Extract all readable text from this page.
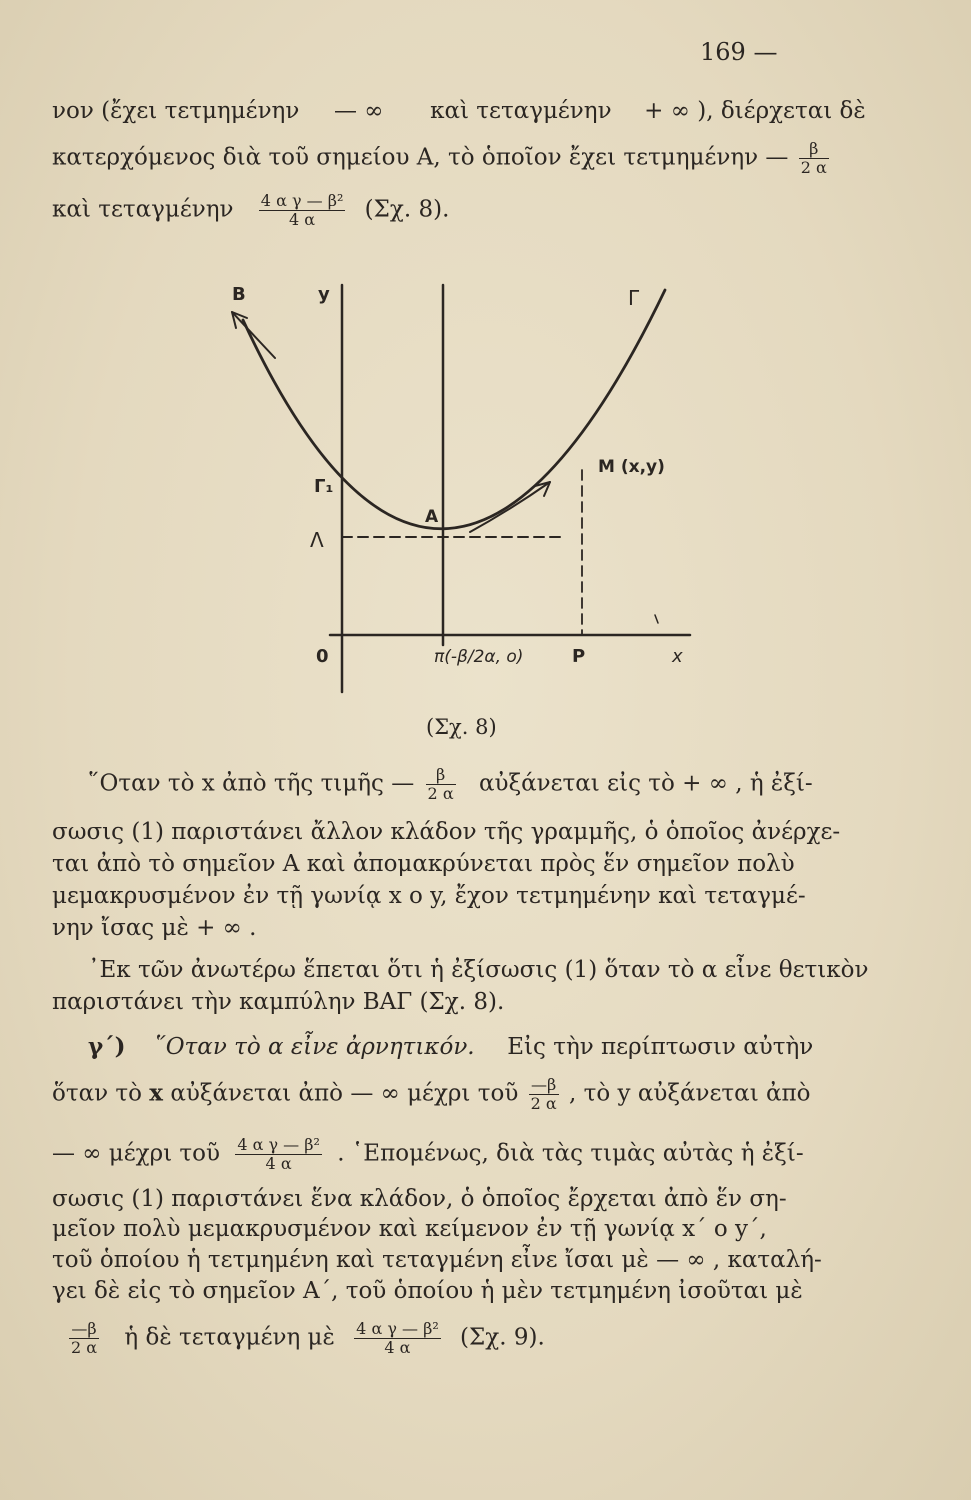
169 —
νον (ἔχει τετμημένην — ∞ καὶ τεταγμένην + ∞ ), διέρχεται δὲ
κατερχόμενος διὰ τοῦ σημείου Α, τὸ ὁποῖον ἔχει τετμημένην — $\frac{\beta}{2 \alpha}$
καὶ τεταγμένην $\frac{\text{4 α γ — β²}}{4 \alpha} (\Sigma\chi$. 8).
Β	y	Γ
Γ₁
Α
Λ
Μ (x,y)
0	π(-β/2α, o)	Ρ	x
(Σχ. 8)
῞Οταν τὸ x ἀπὸ τῆς τιμῆς — $\frac{\beta}{2 \alpha}$ αὐξάνεται εἰς τὸ + ∞ , ἡ ἐξί-
σωσις (1) παριστάνει ἄλλον κλάδον τῆς γραμμῆς, ὁ ὁποῖος ἀνέρχε-
ται ἀπὸ τὸ σημεῖον Α καὶ ἀπομακρύνεται πρὸς ἕν σημεῖον πολὺ
μεμακρυσμένον ἐν τῇ γωνίᾳ x ο y, ἔχον τετμημένην καὶ τεταγμέ-
νην ἴσας μὲ + ∞ .
᾿Εκ τῶν ἀνωτέρω ἕπεται ὅτι ἡ ἐξίσωσις (1) ὅταν τὸ α εἶνε θετικὸν
παριστάνει τὴν καμπύλην ΒΑΓ (Σχ. 8).
γ΄) ῞Οταν τὸ α εἶνε ἀρνητικόν. Εἰς τὴν περίπτωσιν αὐτὴν
ὅταν τὸ x αὐξάνεται ἀπὸ — ∞ μέχρι τοῦ $\frac{—\beta}{2 \alpha}$ , τὸ y αὐξάνεται ἀπὸ
— ∞ μέχρι τοῦ $\frac{\text{4 α γ — β²}}{4 \alpha}$ . ῾Επομένως, διὰ τὰς τιμὰς αὐτὰς ἡ ἐξί-
σωσις (1) παριστάνει ἕνα κλάδον, ὁ ὁποῖος ἔρχεται ἀπὸ ἕν ση-
μεῖον πολὺ μεμακρυσμένον καὶ κείμενον ἐν τῇ γωνίᾳ x΄ ο y΄,
τοῦ ὁποίου ἡ τετμημένη καὶ τεταγμένη εἶνε ἴσαι μὲ — ∞ , καταλή-
γει δὲ εἰς τὸ σημεῖον Α΄, τοῦ ὁποίου ἡ μὲν τετμημένη ἰσοῦται μὲ
$\frac{—\beta}{2 \alpha}$ ἡ δὲ τεταγμένη μὲ $\frac{\text{4 α γ — β²}}{4 \alpha} (\Sigma\chi$. 9).
